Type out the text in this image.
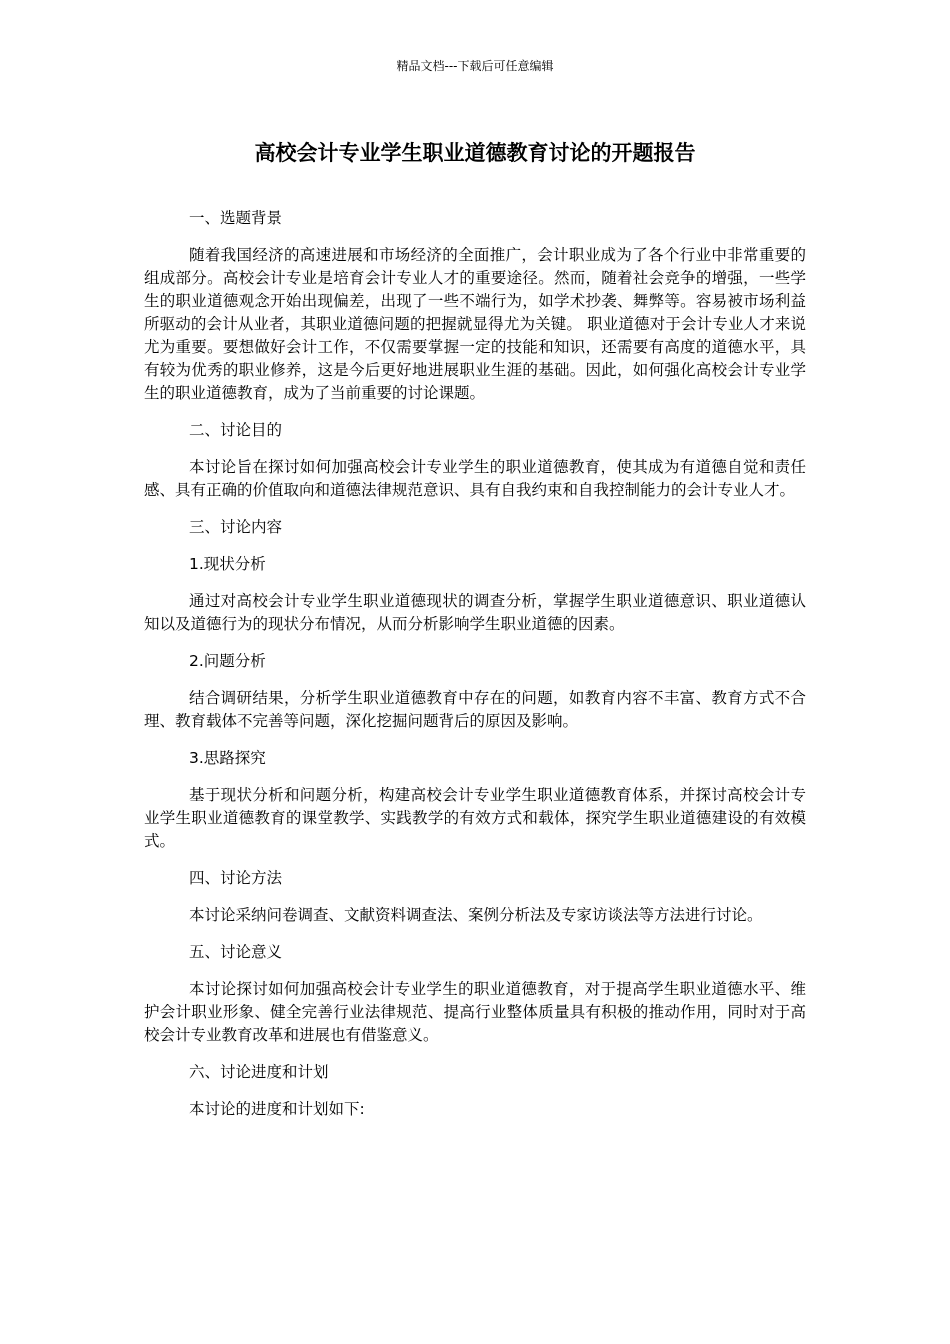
精品文档---下载后可任意编辑
高校会计专业学生职业道德教育讨论的开题报告
一、选题背景

随着我国经济的高速进展和市场经济的全面推广，会计职业成为了各个行业中非常重要的组成部分。高校会计专业是培育会计专业人才的重要途径。然而，随着社会竞争的增强，一些学生的职业道德观念开始出现偏差，出现了一些不端行为，如学术抄袭、舞弊等。容易被市场利益所驱动的会计从业者，其职业道德问题的把握就显得尤为关键。 职业道德对于会计专业人才来说尤为重要。要想做好会计工作，不仅需要掌握一定的技能和知识，还需要有高度的道德水平，具有较为优秀的职业修养，这是今后更好地进展职业生涯的基础。因此，如何强化高校会计专业学生的职业道德教育，成为了当前重要的讨论课题。

二、讨论目的

本讨论旨在探讨如何加强高校会计专业学生的职业道德教育，使其成为有道德自觉和责任感、具有正确的价值取向和道德法律规范意识、具有自我约束和自我控制能力的会计专业人才。

三、讨论内容
1.现状分析

通过对高校会计专业学生职业道德现状的调查分析，掌握学生职业道德意识、职业道德认知以及道德行为的现状分布情况，从而分析影响学生职业道德的因素。

2.问题分析

结合调研结果，分析学生职业道德教育中存在的问题，如教育内容不丰富、教育方式不合理、教育载体不完善等问题，深化挖掘问题背后的原因及影响。

3.思路探究

基于现状分析和问题分析，构建高校会计专业学生职业道德教育体系，并探讨高校会计专业学生职业道德教育的课堂教学、实践教学的有效方式和载体，探究学生职业道德建设的有效模式。

四、讨论方法

本讨论采纳问卷调查、文献资料调查法、案例分析法及专家访谈法等方法进行讨论。

五、讨论意义

本讨论探讨如何加强高校会计专业学生的职业道德教育，对于提高学生职业道德水平、维护会计职业形象、健全完善行业法律规范、提高行业整体质量具有积极的推动作用，同时对于高校会计专业教育改革和进展也有借鉴意义。

六、讨论进度和计划

本讨论的进度和计划如下:
